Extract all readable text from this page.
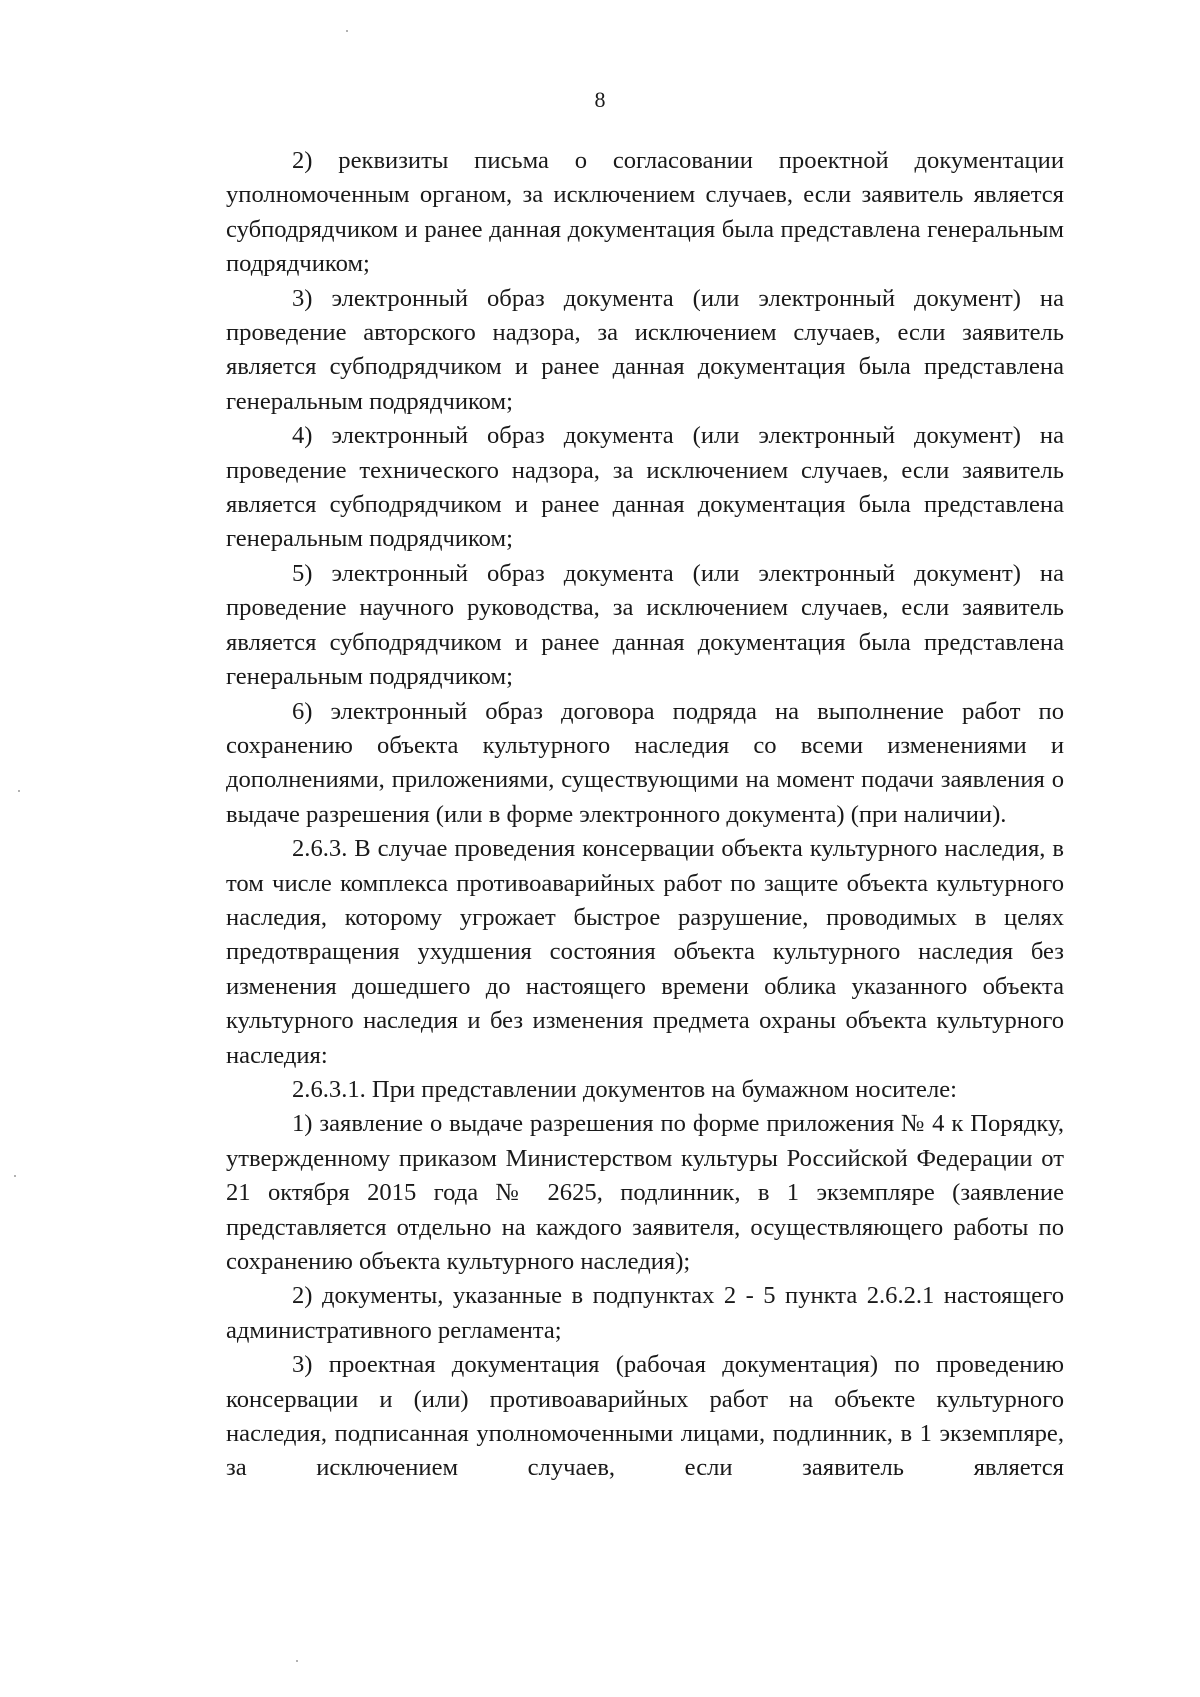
8

2) реквизиты письма о согласовании проектной документации уполномоченным органом, за исключением случаев, если заявитель является субподрядчиком и ранее данная документация была представлена генеральным подрядчиком;

3) электронный образ документа (или электронный документ) на проведение авторского надзора, за исключением случаев, если заявитель является субподрядчиком и ранее данная документация была представлена генеральным подрядчиком;

4) электронный образ документа (или электронный документ) на проведение технического надзора, за исключением случаев, если заявитель является субподрядчиком и ранее данная документация была представлена генеральным подрядчиком;

5) электронный образ документа (или электронный документ) на проведение научного руководства, за исключением случаев, если заявитель является субподрядчиком и ранее данная документация была представлена генеральным подрядчиком;

6) электронный образ договора подряда на выполнение работ по сохранению объекта культурного наследия со всеми изменениями и дополнениями, приложениями, существующими на момент подачи заявления о выдаче разрешения (или в форме электронного документа) (при наличии).

2.6.3. В случае проведения консервации объекта культурного наследия, в том числе комплекса противоаварийных работ по защите объекта культурного наследия, которому угрожает быстрое разрушение, проводимых в целях предотвращения ухудшения состояния объекта культурного наследия без изменения дошедшего до настоящего времени облика указанного объекта культурного наследия и без изменения предмета охраны объекта культурного наследия:

2.6.3.1. При представлении документов на бумажном носителе:

1) заявление о выдаче разрешения по форме приложения № 4 к Порядку, утвержденному приказом Министерством культуры Российской Федерации от 21 октября 2015 года № 2625, подлинник, в 1 экземпляре (заявление представляется отдельно на каждого заявителя, осуществляющего работы по сохранению объекта культурного наследия);

2) документы, указанные в подпунктах 2 - 5 пункта 2.6.2.1 настоящего административного регламента;

3) проектная документация (рабочая документация) по проведению консервации и (или) противоаварийных работ на объекте культурного наследия, подписанная уполномоченными лицами, подлинник, в 1 экземпляре, за исключением случаев, если заявитель является
